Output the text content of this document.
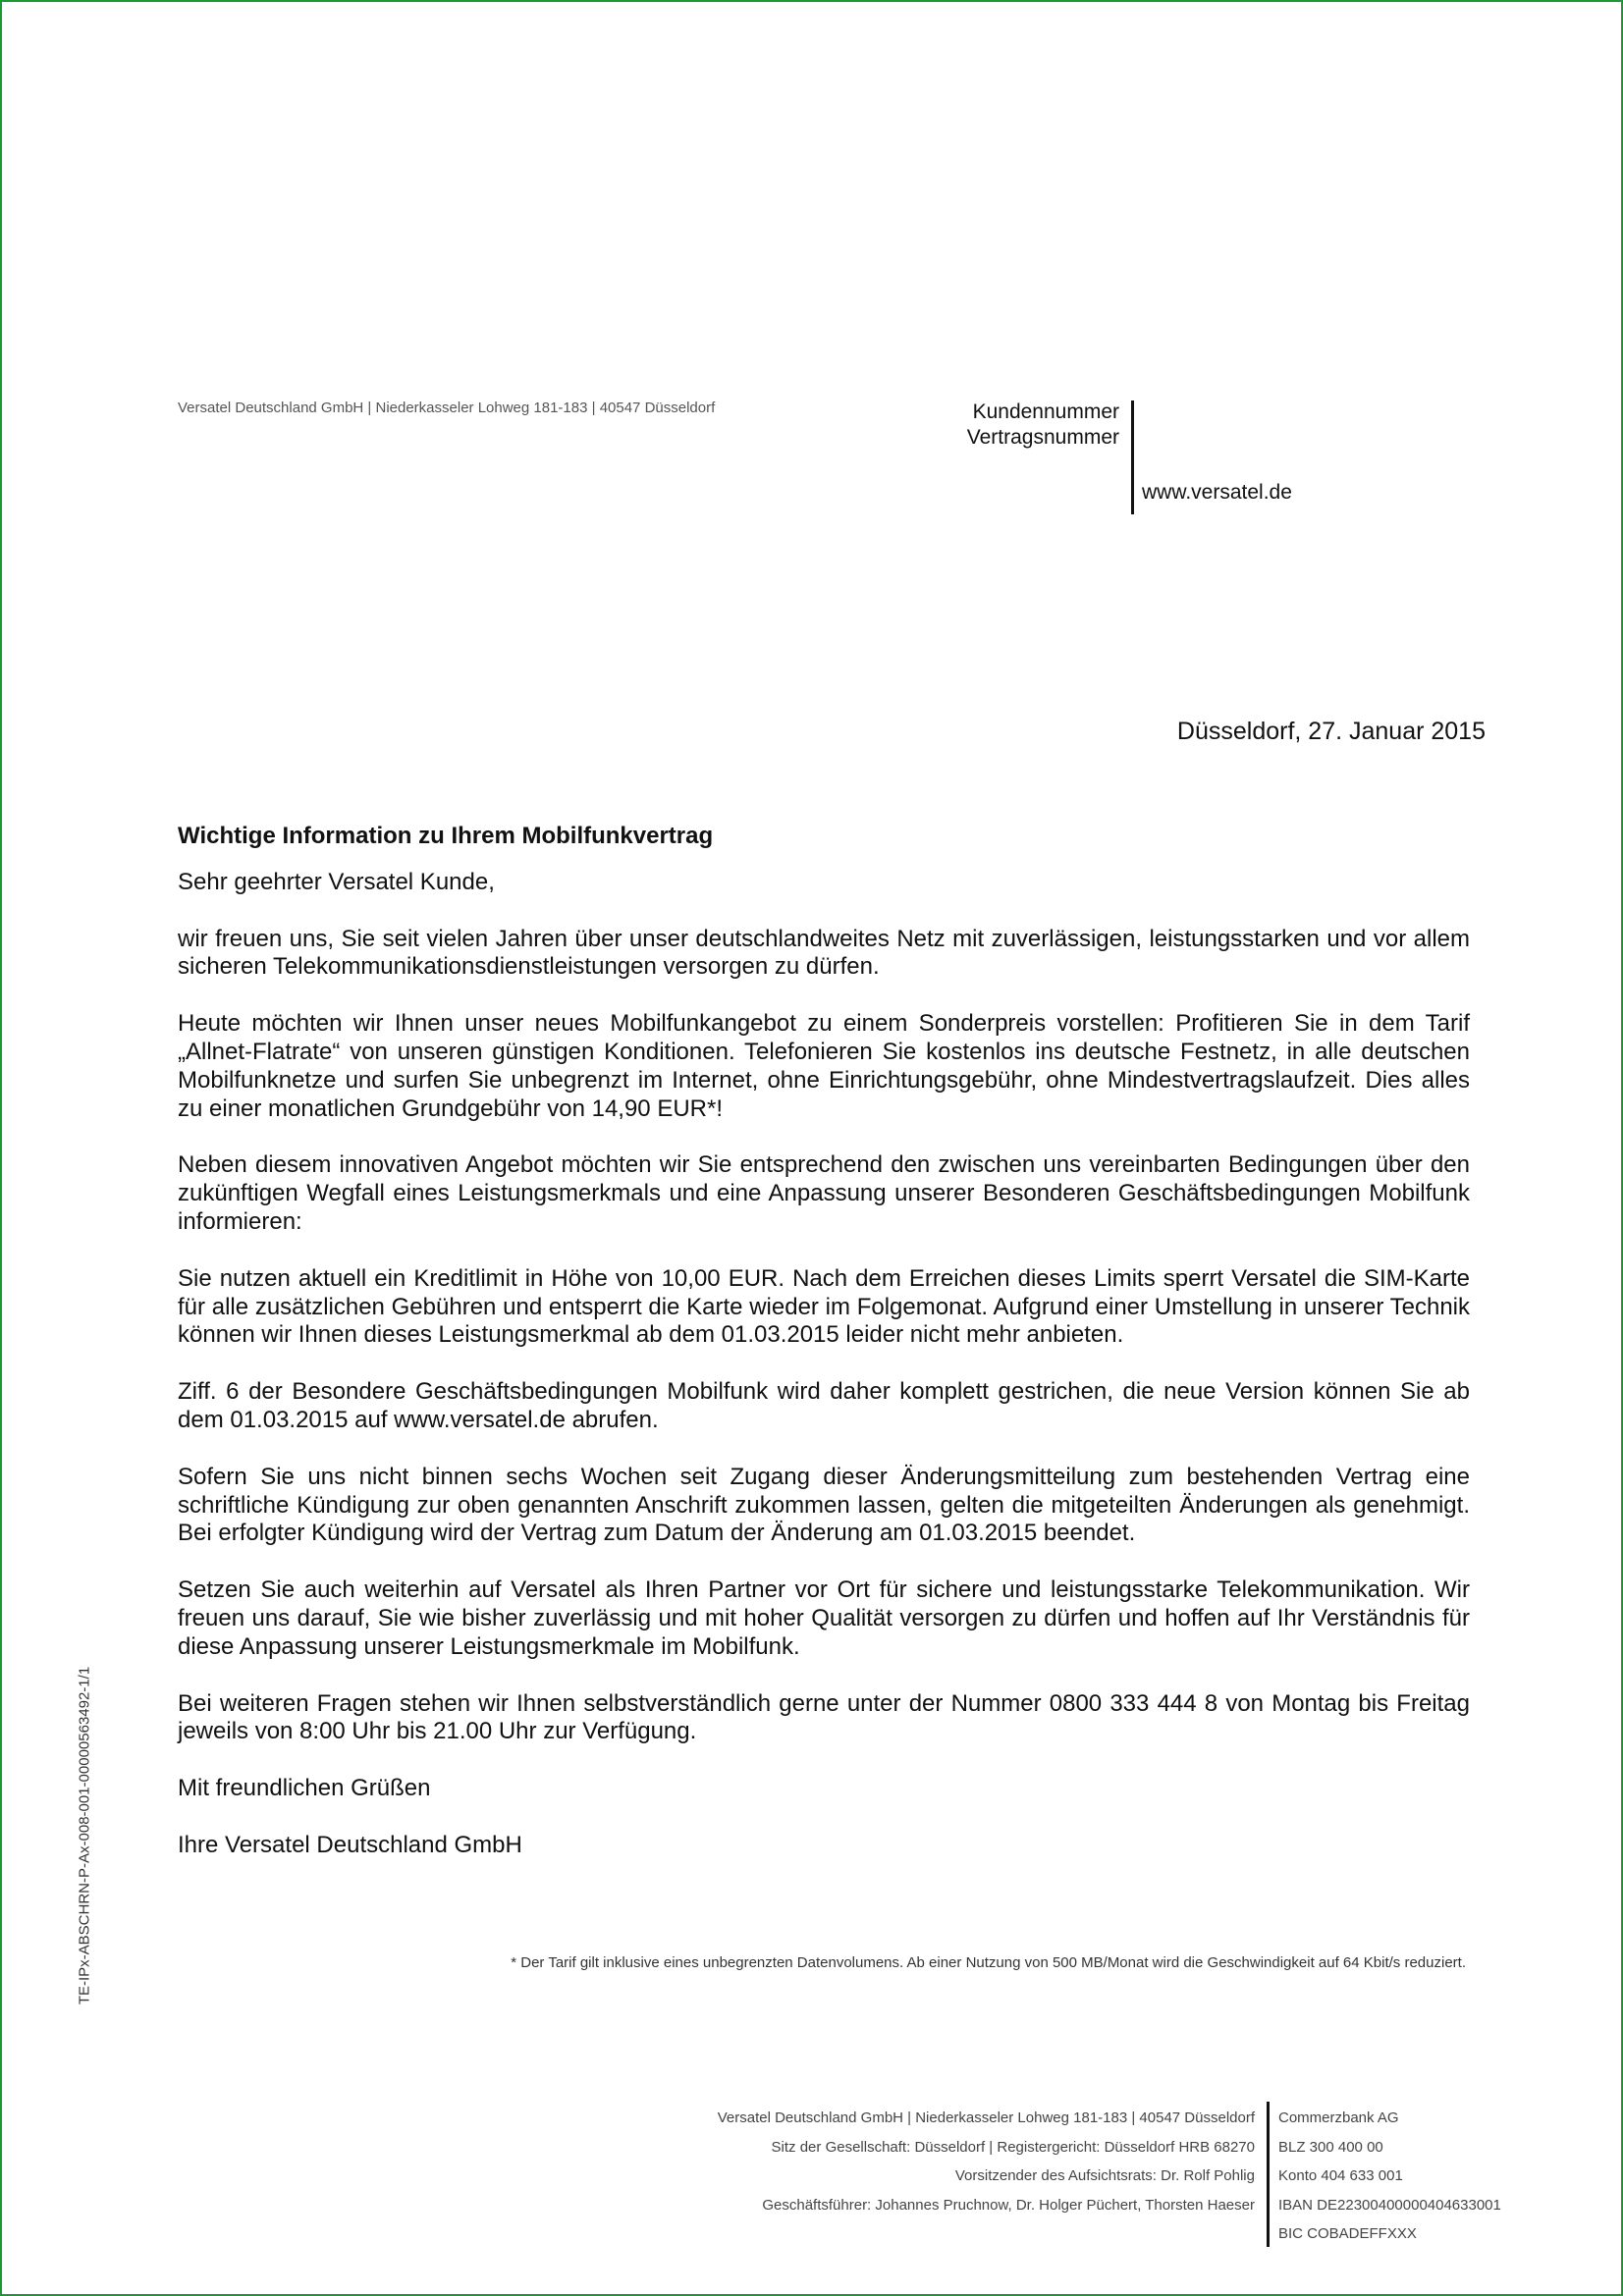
Versatel Deutschland GmbH | Niederkasseler Lohweg 181-183 | 40547 Düsseldorf	Kundennummer
Vertragsnummer
www.versatel.de
Düsseldorf, 27. Januar 2015
Wichtige Information zu Ihrem Mobilfunkvertrag

Sehr geehrter Versatel Kunde,

wir freuen uns, Sie seit vielen Jahren über unser deutschlandweites Netz mit zuverlässigen, leistungsstarken und vor allem sicheren Telekommunikationsdienstleistungen versorgen zu dürfen.

Heute möchten wir Ihnen unser neues Mobilfunkangebot zu einem Sonderpreis vorstellen: Profitieren Sie in dem Tarif „Allnet-Flatrate“ von unseren günstigen Konditionen. Telefonieren Sie kostenlos ins deutsche Festnetz, in alle deutschen Mobilfunknetze und surfen Sie unbegrenzt im Internet, ohne Einrichtungsgebühr, ohne Mindestvertragslaufzeit. Dies alles zu einer monatlichen Grundgebühr von 14,90 EUR*!

Neben diesem innovativen Angebot möchten wir Sie entsprechend den zwischen uns vereinbarten Bedingungen über den zukünftigen Wegfall eines Leistungsmerkmals und eine Anpassung unserer Besonderen Geschäftsbedingungen Mobilfunk informieren:

Sie nutzen aktuell ein Kreditlimit in Höhe von 10,00 EUR. Nach dem Erreichen dieses Limits sperrt Versatel die SIM-Karte für alle zusätzlichen Gebühren und entsperrt die Karte wieder im Folgemonat. Aufgrund einer Umstellung in unserer Technik können wir Ihnen dieses Leistungsmerkmal ab dem 01.03.2015 leider nicht mehr anbieten.

Ziff. 6 der Besondere Geschäftsbedingungen Mobilfunk wird daher komplett gestrichen, die neue Version können Sie ab dem 01.03.2015 auf www.versatel.de abrufen.

Sofern Sie uns nicht binnen sechs Wochen seit Zugang dieser Änderungsmitteilung zum bestehenden Vertrag eine schriftliche Kündigung zur oben genannten Anschrift zukommen lassen, gelten die mitgeteilten Änderungen als genehmigt. Bei erfolgter Kündigung wird der Vertrag zum Datum der Änderung am 01.03.2015 beendet.

Setzen Sie auch weiterhin auf Versatel als Ihren Partner vor Ort für sichere und leistungsstarke Telekommunikation. Wir freuen uns darauf, Sie wie bisher zuverlässig und mit hoher Qualität versorgen zu dürfen und hoffen auf Ihr Verständnis für diese Anpassung unserer Leistungsmerkmale im Mobilfunk.

Bei weiteren Fragen stehen wir Ihnen selbstverständlich gerne unter der Nummer 0800 333 444 8 von Montag bis Freitag jeweils von 8:00 Uhr bis 21.00 Uhr zur Verfügung.

Mit freundlichen Grüßen

Ihre Versatel Deutschland GmbH

* Der Tarif gilt inklusive eines unbegrenzten Datenvolumens. Ab einer Nutzung von 500 MB/Monat wird die Geschwindigkeit auf 64 Kbit/s reduziert.
TE-IPx-ABSCHRN-P-Ax-008-001-00000563492-1/1
Versatel Deutschland GmbH | Niederkasseler Lohweg 181-183 | 40547 Düsseldorf
Sitz der Gesellschaft: Düsseldorf | Registergericht: Düsseldorf HRB 68270
Vorsitzender des Aufsichtsrats: Dr. Rolf Pohlig
Geschäftsführer: Johannes Pruchnow, Dr. Holger Püchert, Thorsten Haeser
Commerzbank AG
BLZ 300 400 00
Konto 404 633 001
IBAN DE22300400000404633001
BIC COBADEFFXXX
